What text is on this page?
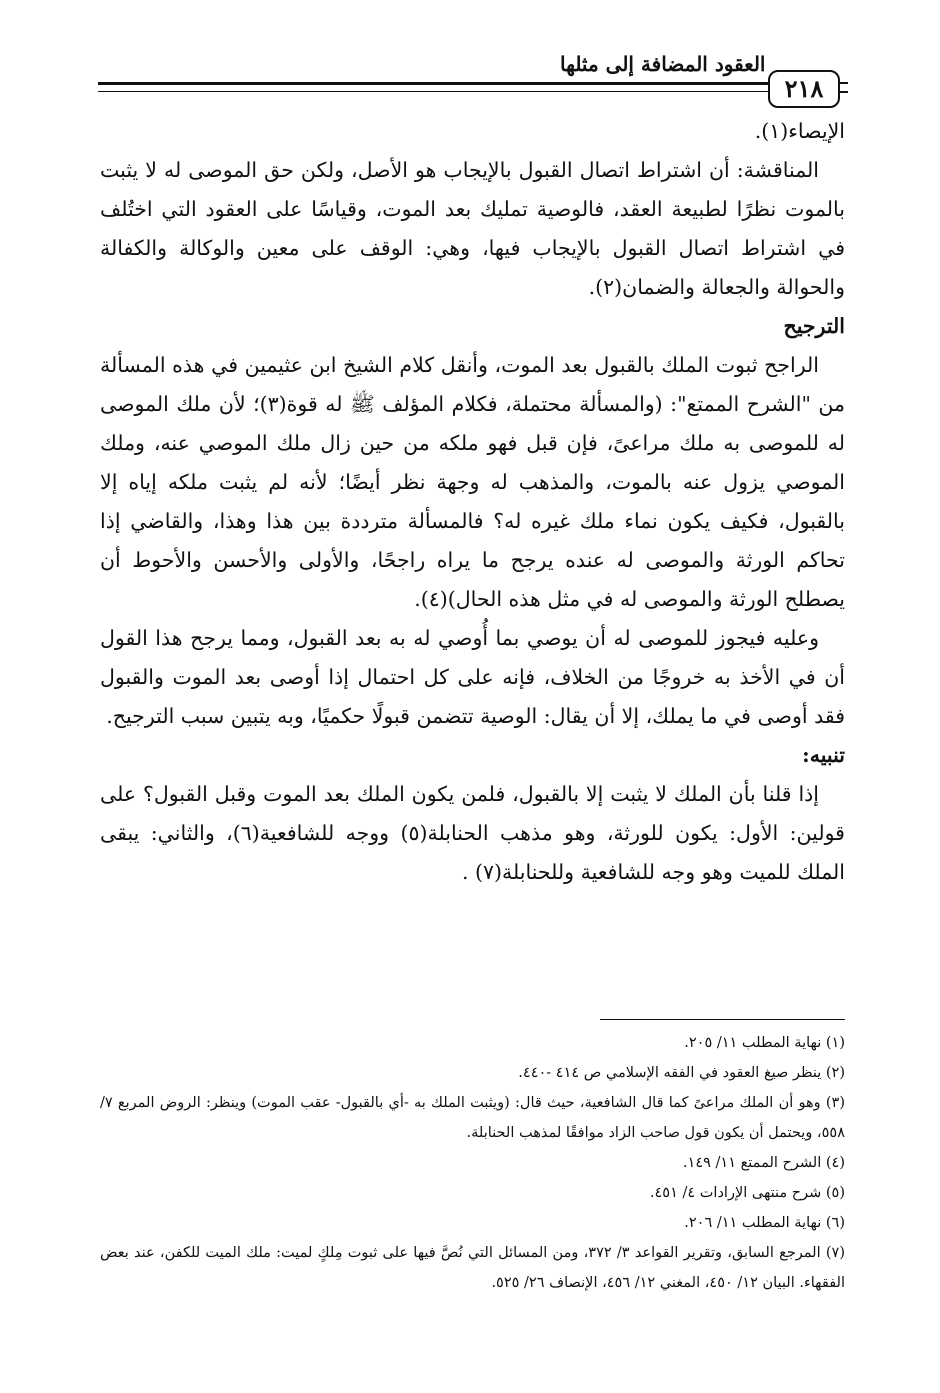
العقود المضافة إلى مثلها
٢١٨

الإيصاء(١).

المناقشة: أن اشتراط اتصال القبول بالإيجاب هو الأصل، ولكن حق الموصى له لا يثبت بالموت نظرًا لطبيعة العقد، فالوصية تمليك بعد الموت، وقياسًا على العقود التي اختُلف في اشتراط اتصال القبول بالإيجاب فيها، وهي: الوقف على معين والوكالة والكفالة والحوالة والجعالة والضمان(٢).

الترجيح

الراجح ثبوت الملك بالقبول بعد الموت، وأنقل كلام الشيخ ابن عثيمين في هذه المسألة من "الشرح الممتع": (والمسألة محتملة، فكلام المؤلف ﷺ له قوة(٣)؛ لأن ملك الموصى له للموصى به ملك مراعىً، فإن قبل فهو ملكه من حين زال ملك الموصي عنه، وملك الموصي يزول عنه بالموت، والمذهب له وجهة نظر أيضًا؛ لأنه لم يثبت ملكه إياه إلا بالقبول، فكيف يكون نماء ملك غيره له؟ فالمسألة مترددة بين هذا وهذا، والقاضي إذا تحاكم الورثة والموصى له عنده يرجح ما يراه راجحًا، والأولى والأحسن والأحوط أن يصطلح الورثة والموصى له في مثل هذه الحال)(٤).

وعليه فيجوز للموصى له أن يوصي بما أُوصي له به بعد القبول، ومما يرجح هذا القول أن في الأخذ به خروجًا من الخلاف، فإنه على كل احتمال إذا أوصى بعد الموت والقبول فقد أوصى في ما يملك، إلا أن يقال: الوصية تتضمن قبولًا حكميًا، وبه يتبين سبب الترجيح.

تنبيه:

إذا قلنا بأن الملك لا يثبت إلا بالقبول، فلمن يكون الملك بعد الموت وقبل القبول؟ على قولين: الأول: يكون للورثة، وهو مذهب الحنابلة(٥) ووجه للشافعية(٦)، والثاني: يبقى الملك للميت وهو وجه للشافعية وللحنابلة(٧) .

(١) نهاية المطلب ١١/ ٢٠٥.

(٢) ينظر صيغ العقود في الفقه الإسلامي ص ٤١٤ -٤٤٠.

(٣) وهو أن الملك مراعىً كما قال الشافعية، حيث قال: (ويثبت الملك به -أي بالقبول- عقب الموت) وينظر: الروض المربع ٧/ ٥٥٨، ويحتمل أن يكون قول صاحب الزاد موافقًا لمذهب الحنابلة.

(٤) الشرح الممتع ١١/ ١٤٩.

(٥) شرح منتهى الإرادات ٤/ ٤٥١.

(٦) نهاية المطلب ١١/ ٢٠٦.

(٧) المرجع السابق، وتقرير القواعد ٣/ ٣٧٢، ومن المسائل التي نُصَّ فيها على ثبوت مِلكٍ لميت: ملك الميت للكفن، عند بعض الفقهاء. البيان ١٢/ ٤٥٠، المغني ١٢/ ٤٥٦، الإنصاف ٢٦/ ٥٢٥.
